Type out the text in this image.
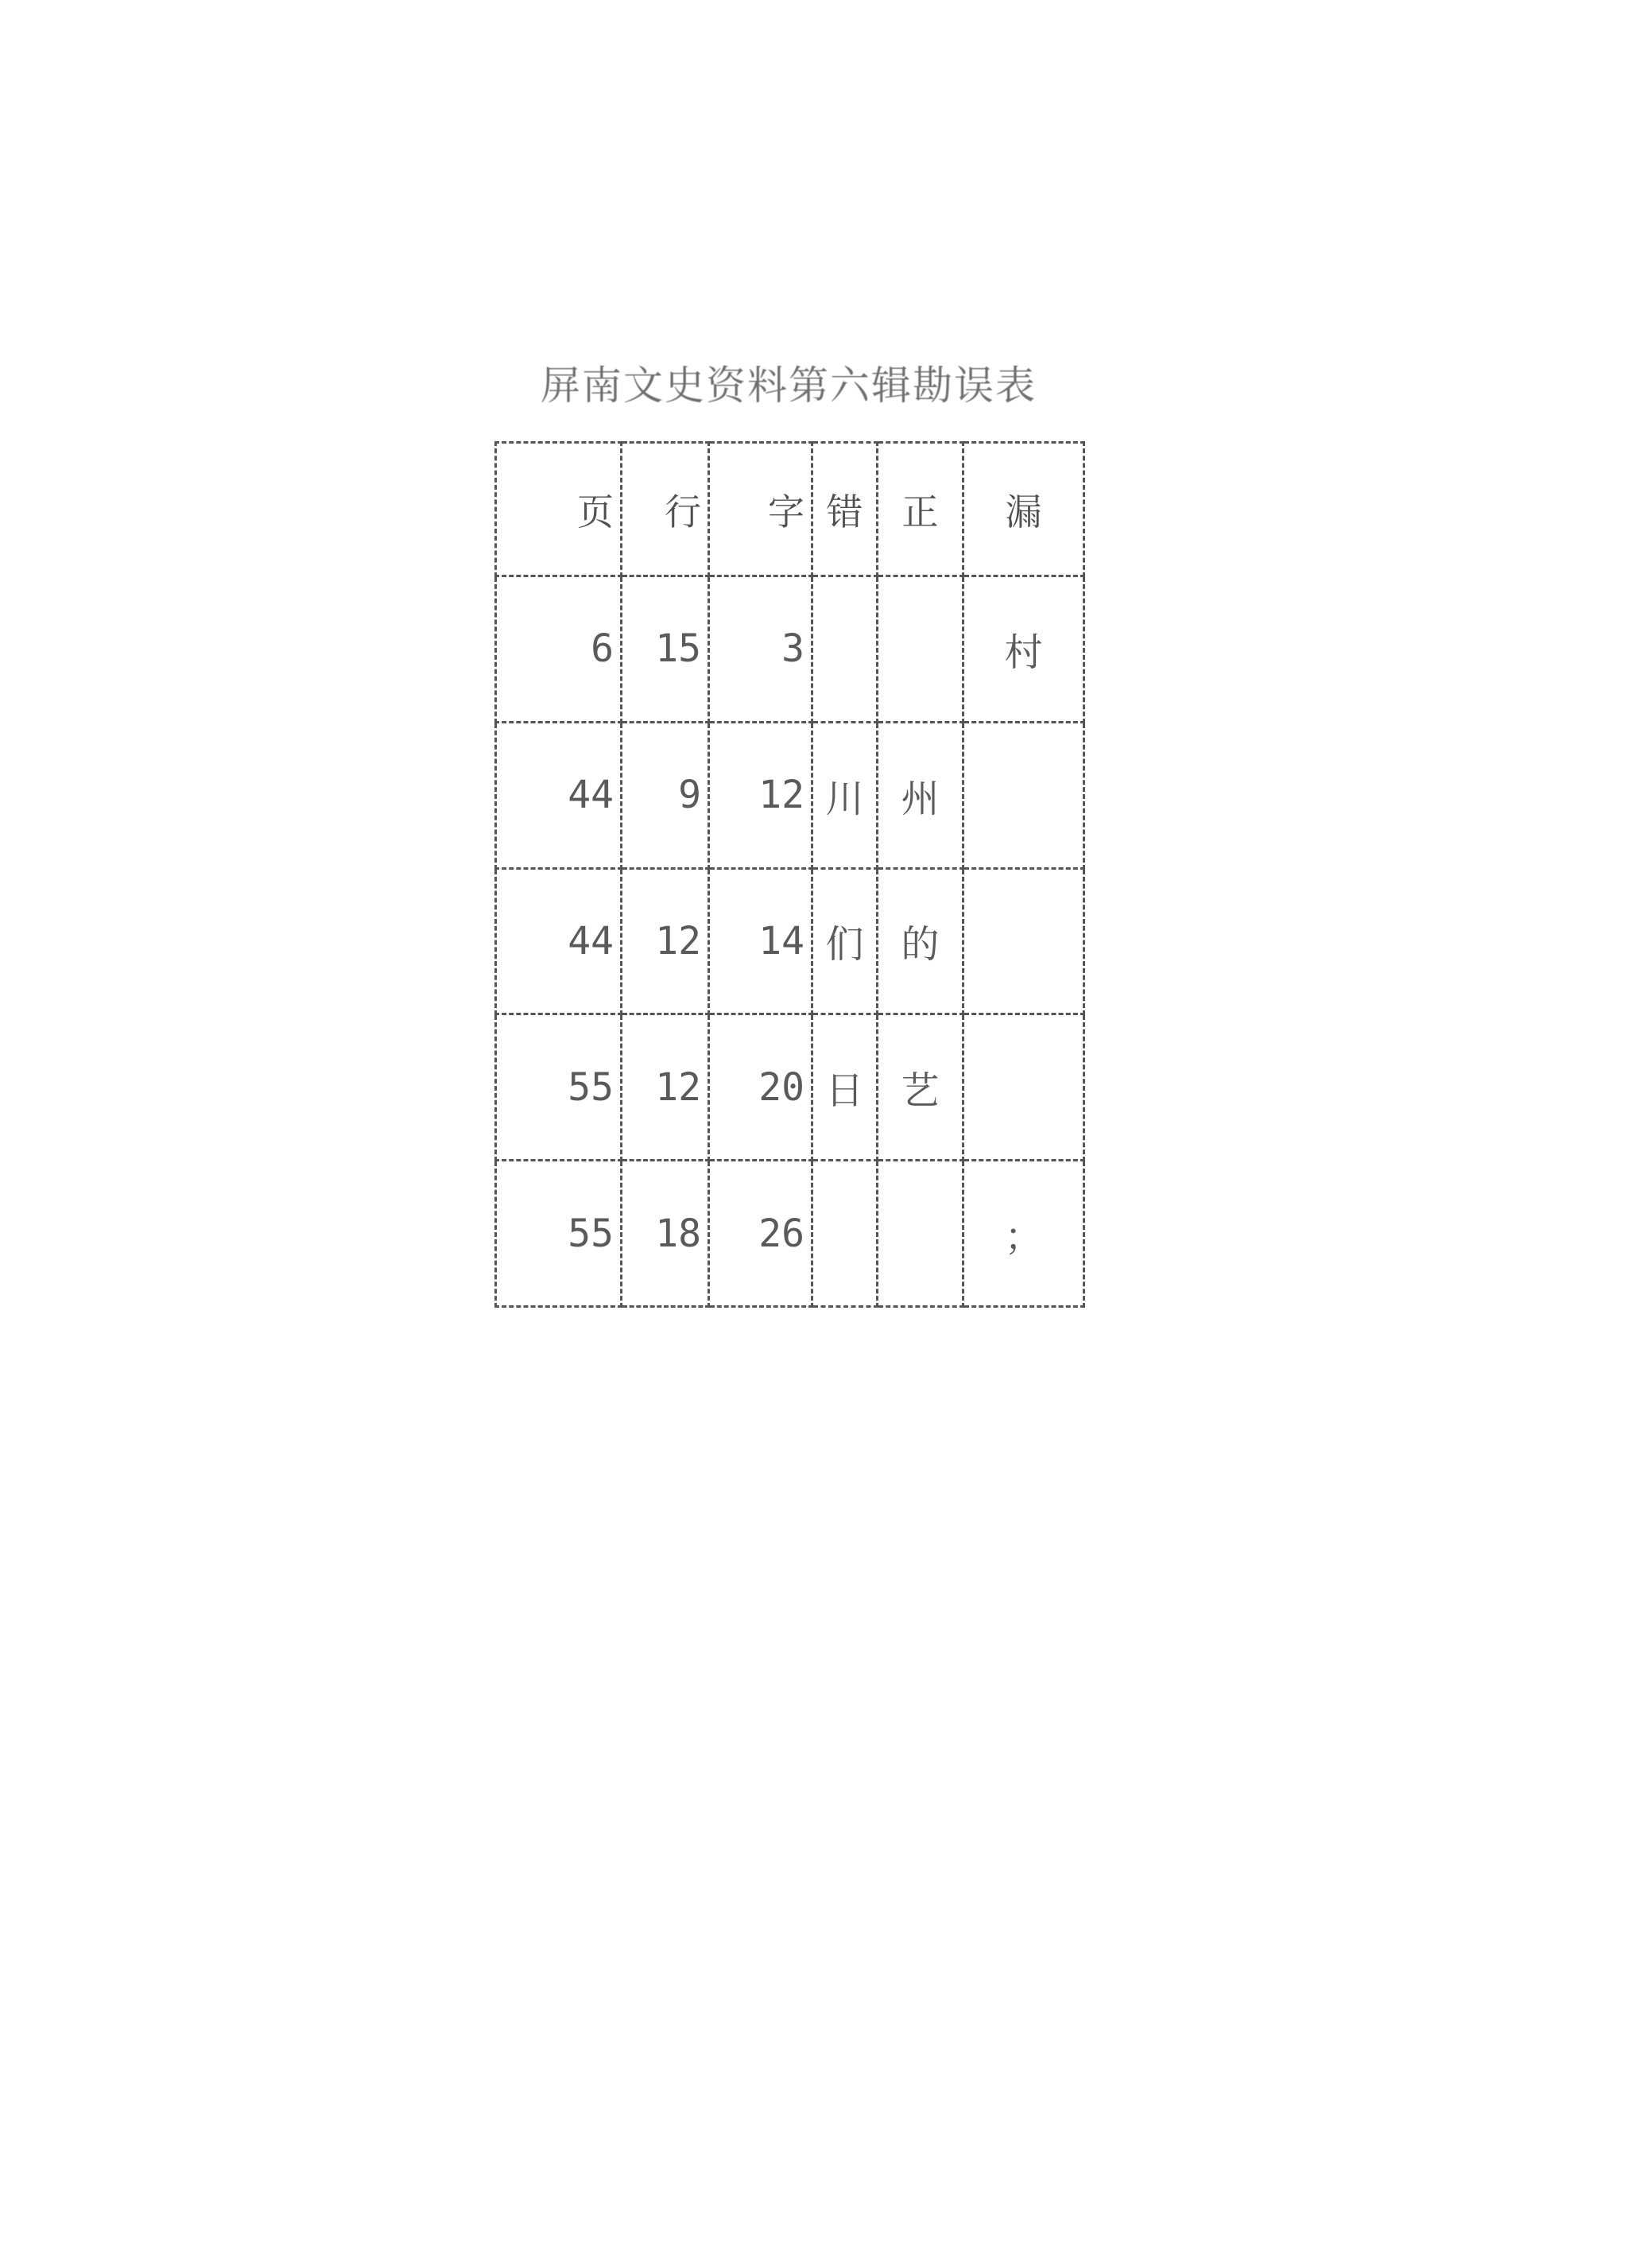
屏南文史资料第六辑勘误表
页	行	字	错	正	漏
6	15	3			村
44	9	12	川	州	
44	12	14	们	的	
55	12	20	日	艺	
55	18	26			；
